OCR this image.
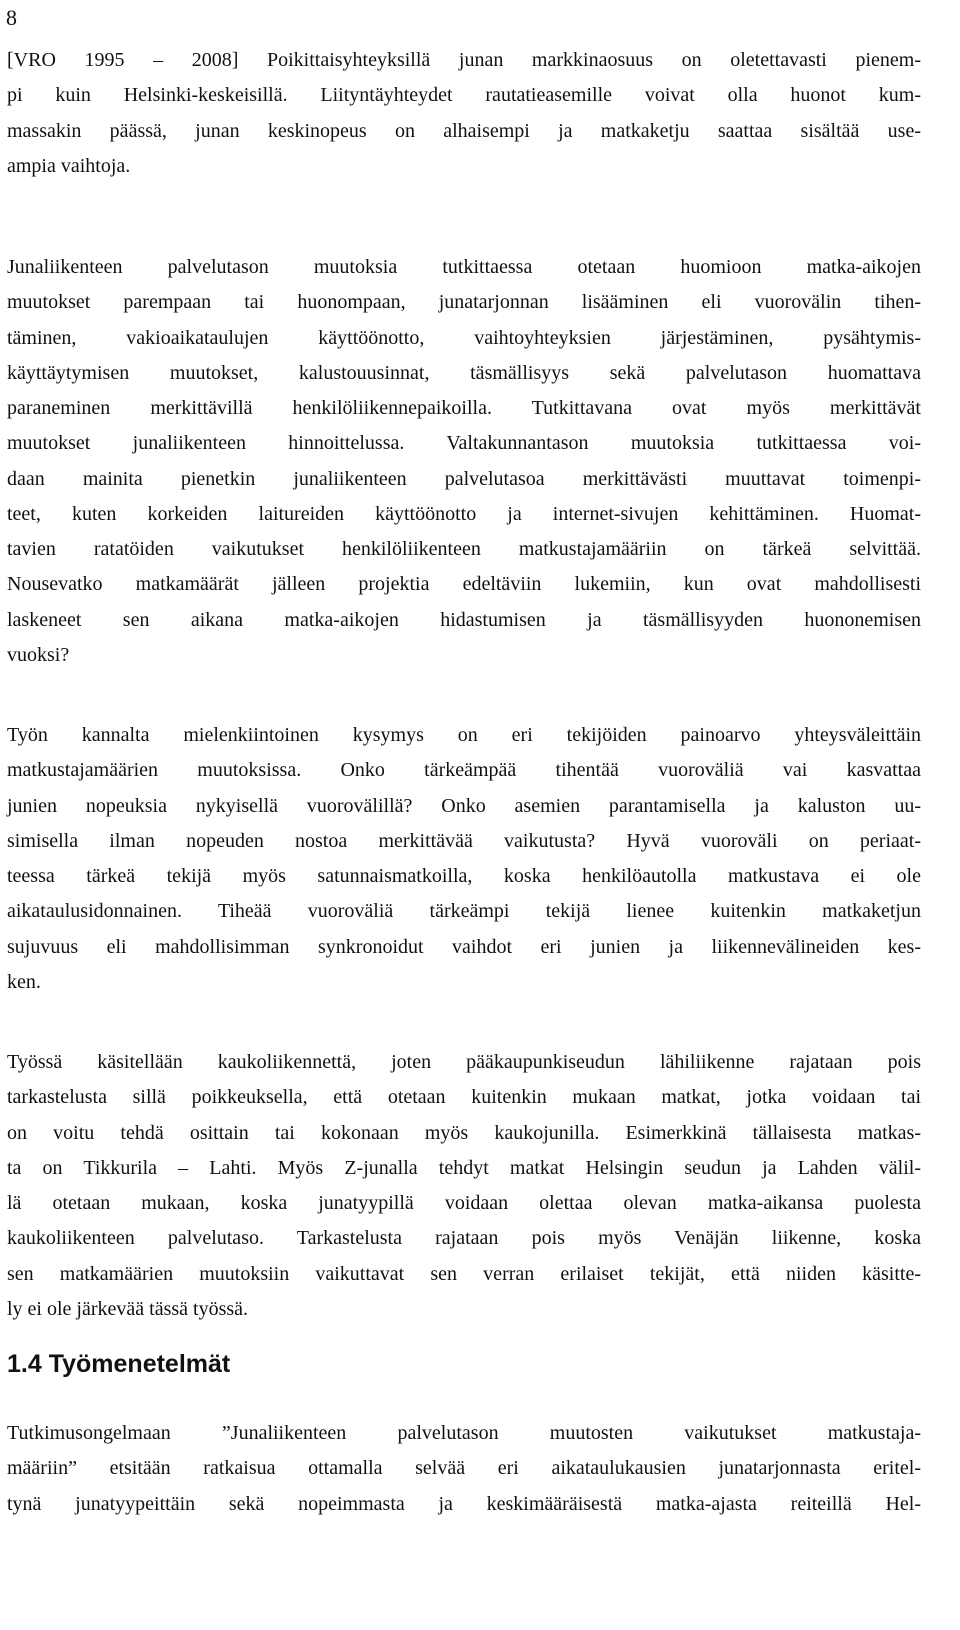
8
[VRO 1995 – 2008] Poikittaisyhteyksillä junan markkinaosuus on oletettavasti pienem-
pi kuin Helsinki-keskeisillä. Liityntäyhteydet rautatieasemille voivat olla huonot kum-
massakin päässä, junan keskinopeus on alhaisempi ja matkaketju saattaa sisältää use-
ampia vaihtoja.
Junaliikenteen palvelutason muutoksia tutkittaessa otetaan huomioon matka-aikojen
muutokset parempaan tai huonompaan, junatarjonnan lisääminen eli vuorovälin tihen-
täminen, vakioaikataulujen käyttöönotto, vaihtoyhteyksien järjestäminen, pysähtymis-
käyttäytymisen muutokset, kalustouusinnat, täsmällisyys sekä palvelutason huomattava
paraneminen merkittävillä henkilöliikennepaikoilla. Tutkittavana ovat myös merkittävät
muutokset junaliikenteen hinnoittelussa. Valtakunnantason muutoksia tutkittaessa voi-
daan mainita pienetkin junaliikenteen palvelutasoa merkittävästi muuttavat toimenpi-
teet, kuten korkeiden laitureiden käyttöönotto ja internet-sivujen kehittäminen. Huomat-
tavien ratatöiden vaikutukset henkilöliikenteen matkustajamääriin on tärkeä selvittää.
Nousevatko matkamäärät jälleen projektia edeltäviin lukemiin, kun ovat mahdollisesti
laskeneet sen aikana matka-aikojen hidastumisen ja täsmällisyyden huononemisen
vuoksi?
Työn kannalta mielenkiintoinen kysymys on eri tekijöiden painoarvo yhteysväleittäin
matkustajamäärien muutoksissa. Onko tärkeämpää tihentää vuoroväliä vai kasvattaa
junien nopeuksia nykyisellä vuorovälillä? Onko asemien parantamisella ja kaluston uu-
simisella ilman nopeuden nostoa merkittävää vaikutusta? Hyvä vuoroväli on periaat-
teessa tärkeä tekijä myös satunnaismatkoilla, koska henkilöautolla matkustava ei ole
aikataulusidonnainen. Tiheää vuoroväliä tärkeämpi tekijä lienee kuitenkin matkaketjun
sujuvuus eli mahdollisimman synkronoidut vaihdot eri junien ja liikennevälineiden kes-
ken.
Työssä käsitellään kaukoliikennettä, joten pääkaupunkiseudun lähiliikenne rajataan pois
tarkastelusta sillä poikkeuksella, että otetaan kuitenkin mukaan matkat, jotka voidaan tai
on voitu tehdä osittain tai kokonaan myös kaukojunilla. Esimerkkinä tällaisesta matkas-
ta on Tikkurila – Lahti. Myös Z-junalla tehdyt matkat Helsingin seudun ja Lahden välil-
lä otetaan mukaan, koska junatyypillä voidaan olettaa olevan matka-aikansa puolesta
kaukoliikenteen palvelutaso. Tarkastelusta rajataan pois myös Venäjän liikenne, koska
sen matkamäärien muutoksiin vaikuttavat sen verran erilaiset tekijät, että niiden käsitte-
ly ei ole järkevää tässä työssä.
1.4 Työmenetelmät
Tutkimusongelmaan ”Junaliikenteen palvelutason muutosten vaikutukset matkustaja-
määriin” etsitään ratkaisua ottamalla selvää eri aikataulukausien junatarjonnasta eritel-
tynä junatyypeittäin sekä nopeimmasta ja keskimääräisestä matka-ajasta reiteillä Hel-
